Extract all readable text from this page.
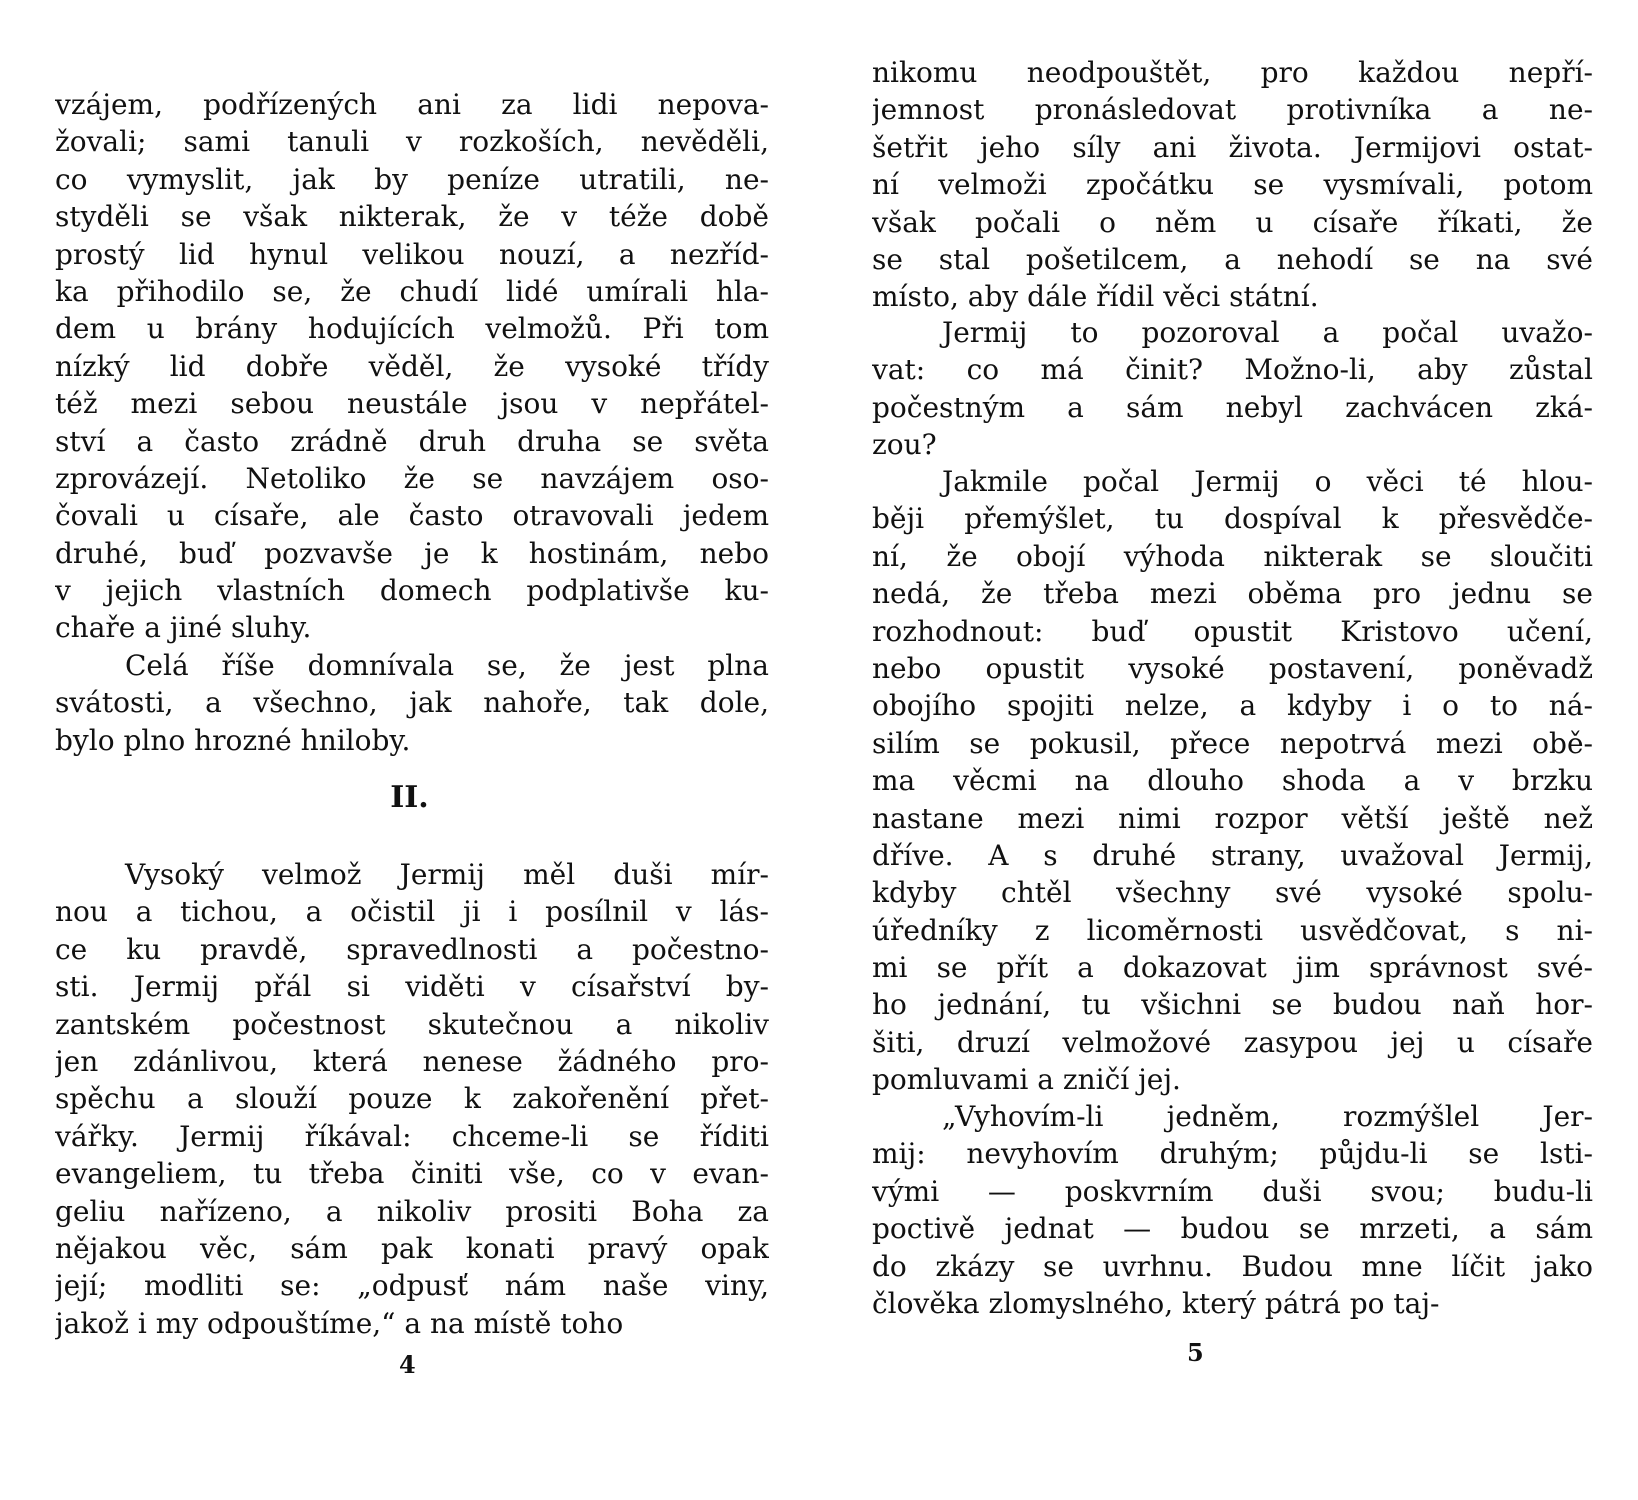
vzájem, podřízených ani za lidi nepova-
žovali; sami tanuli v rozkoších, nevěděli,
co vymyslit, jak by peníze utratili, ne-
styděli se však nikterak, že v téže době
prostý lid hynul velikou nouzí, a nezříd-
ka přihodilo se, že chudí lidé umírali hla-
dem u brány hodujících velmožů. Při tom
nízký lid dobře věděl, že vysoké třídy
též mezi sebou neustále jsou v nepřátel-
ství a často zrádně druh druha se světa
zprovázejí. Netoliko že se navzájem oso-
čovali u císaře, ale často otravovali jedem
druhé, buď pozvavše je k hostinám, nebo
v jejich vlastních domech podplativše ku-
chaře a jiné sluhy.
Celá říše domnívala se, že jest plna
svátosti, a všechno, jak nahoře, tak dole,
bylo plno hrozné hniloby.
II.
Vysoký velmož Jermij měl duši mír-
nou a tichou, a očistil ji i posílnil v lás-
ce ku pravdě, spravedlnosti a počestno-
sti. Jermij přál si viděti v císařství by-
zantském počestnost skutečnou a nikoliv
jen zdánlivou, která nenese žádného pro-
spěchu a slouží pouze k zakořenění přet-
vářky. Jermij říkával: chceme-li se říditi
evangeliem, tu třeba činiti vše, co v evan-
geliu nařízeno, a nikoliv prositi Boha za
nějakou věc, sám pak konati pravý opak
její; modliti se: „odpusť nám naše viny,
jakož i my odpouštíme,“ a na místě toho
4
nikomu neodpouštět, pro každou nepří-
jemnost pronásledovat protivníka a ne-
šetřit jeho síly ani života. Jermijovi ostat-
ní velmoži zpočátku se vysmívali, potom
však počali o něm u císaře říkati, že
se stal pošetilcem, a nehodí se na své
místo, aby dále řídil věci státní.
Jermij to pozoroval a počal uvažo-
vat: co má činit? Možno-li, aby zůstal
počestným a sám nebyl zachvácen zká-
zou?
Jakmile počal Jermij o věci té hlou-
běji přemýšlet, tu dospíval k přesvědče-
ní, že obojí výhoda nikterak se sloučiti
nedá, že třeba mezi oběma pro jednu se
rozhodnout: buď opustit Kristovo učení,
nebo opustit vysoké postavení, poněvadž
obojího spojiti nelze, a kdyby i o to ná-
silím se pokusil, přece nepotrvá mezi obě-
ma věcmi na dlouho shoda a v brzku
nastane mezi nimi rozpor větší ještě než
dříve. A s druhé strany, uvažoval Jermij,
kdyby chtěl všechny své vysoké spolu-
úředníky z licoměrnosti usvědčovat, s ni-
mi se přít a dokazovat jim správnost své-
ho jednání, tu všichni se budou naň hor-
šiti, druzí velmožové zasypou jej u císaře
pomluvami a zničí jej.
„Vyhovím-li jedněm, rozmýšlel Jer-
mij: nevyhovím druhým; půjdu-li se lsti-
vými — poskvrním duši svou; budu-li
poctivě jednat — budou se mrzeti, a sám
do zkázy se uvrhnu. Budou mne líčit jako
člověka zlomyslného, který pátrá po taj-
5
